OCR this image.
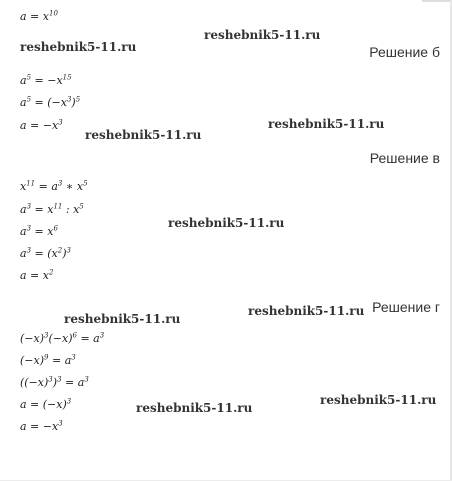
$a = x^{10}$
Решение б
$a^5 = -x^{15}$
$a^5 = (-x^3)^5$
$a = -x^3$
Решение в
$x^{11} = a^3$ ∗ $x^5$
$a^3 = x^{11}$ : $x^5$
$a^3 = x^6$
$a^3 = (x^2)^3$
$a = x^2$
Решение г
$(-x)^3(-x)^6 = a^3$
$(-x)^9 = a^3$
$((-x)^3)^3 = a^3$
$a = (-x)^3$
$a = -x^3$
reshebnik5-11.ru
reshebnik5-11.ru
reshebnik5-11.ru
reshebnik5-11.ru
reshebnik5-11.ru
reshebnik5-11.ru
reshebnik5-11.ru
reshebnik5-11.ru
reshebnik5-11.ru
